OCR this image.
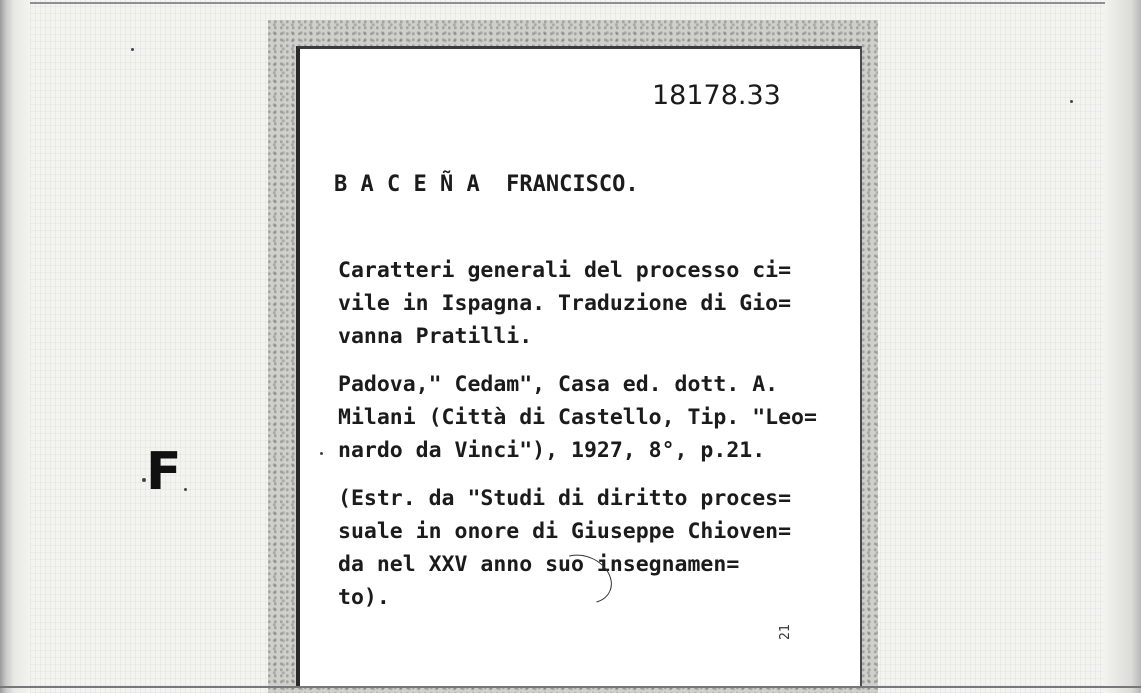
18178.33
B A C E Ñ A  FRANCISCO.
Caratteri generali del processo ci=
vile in Ispagna. Traduzione di Gio=
vanna Pratilli.
Padova," Cedam", Casa ed. dott. A.
Milani (Città di Castello, Tip. "Leo=
nardo da Vinci"), 1927, 8°, p.21.
(Estr. da "Studi di diritto proces=
suale in onore di Giuseppe Chioven=
da nel XXV anno suo insegnamen=
to).
21
F
